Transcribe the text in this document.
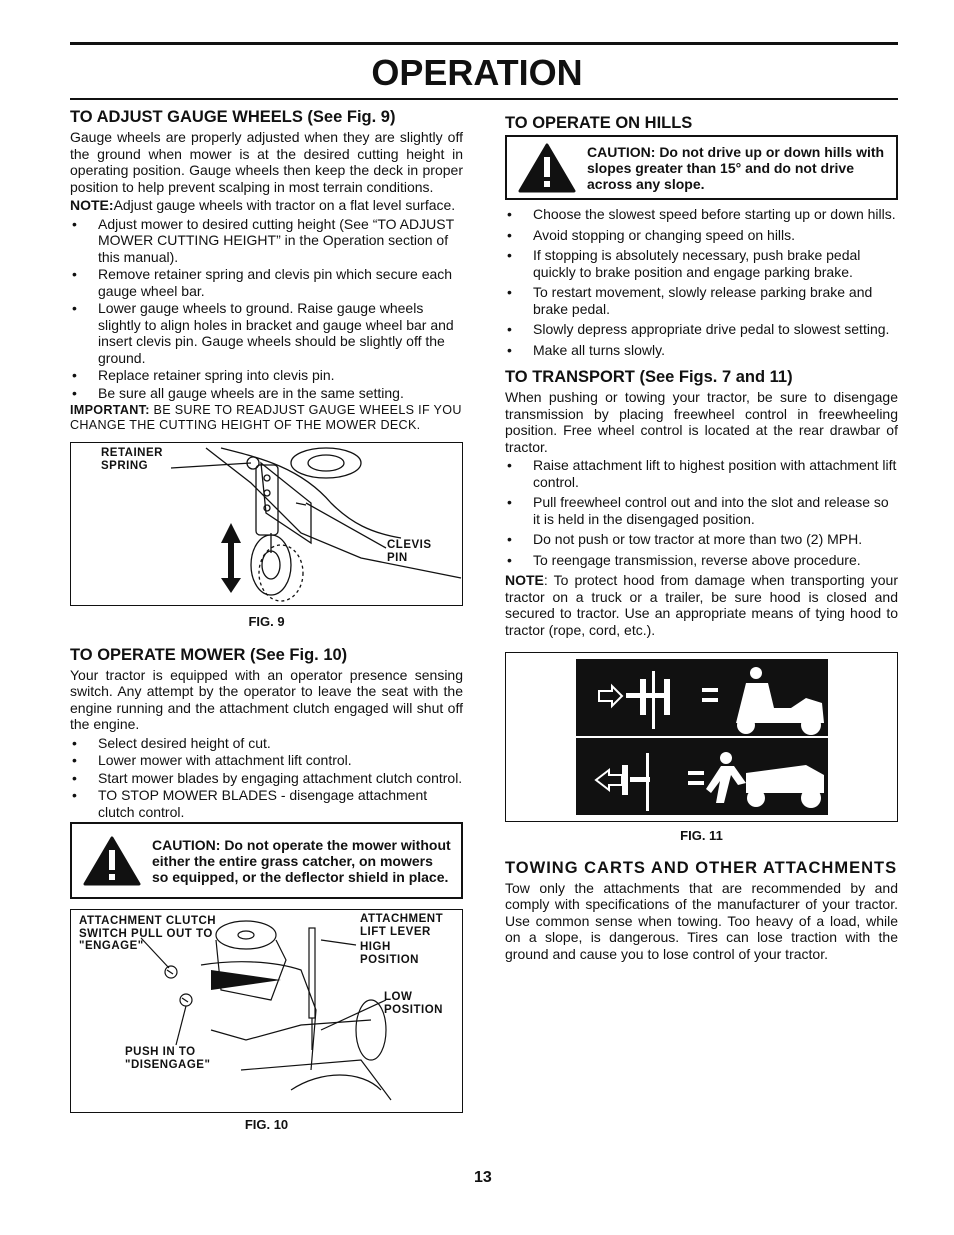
OPERATION
TO ADJUST GAUGE WHEELS (See Fig. 9)

Gauge wheels are properly adjusted when they are slightly off the ground when mower is at the desired cutting height in operating position. Gauge wheels then keep the deck in proper position to help prevent scalping in most terrain conditions.

NOTE:Adjust gauge wheels with tractor on a flat level surface.

• Adjust mower to desired cutting height (See “TO ADJUST MOWER CUTTING HEIGHT” in the Operation section of this manual).
• Remove retainer spring and clevis pin which secure each gauge wheel bar.
• Lower gauge wheels to ground. Raise gauge wheels slightly to align holes in bracket and gauge wheel bar and insert clevis pin. Gauge wheels should be slightly off the ground.
• Replace retainer spring into clevis pin.
• Be sure all gauge wheels are in the same setting.

IMPORTANT: BE SURE TO READJUST GAUGE WHEELS IF YOU CHANGE THE CUTTING HEIGHT OF THE MOWER DECK.

RETAINER SPRING
CLEVIS PIN
FIG. 9
TO OPERATE MOWER (See Fig. 10)

Your tractor is equipped with an operator presence sensing switch. Any attempt by the operator to leave the seat with the engine running and the attachment clutch engaged will shut off the engine.

• Select desired height of cut.
• Lower mower with attachment lift control.
• Start mower blades by engaging attachment clutch control.
• TO STOP MOWER BLADES - disengage attachment clutch control.
CAUTION: Do not operate the mower without either the entire grass catcher, on mowers so equipped, or the deflector shield in place.
ATTACHMENT CLUTCH SWITCH PULL OUT TO "ENGAGE"
ATTACHMENT LIFT LEVER
HIGH POSITION
LOW POSITION
PUSH IN TO "DISENGAGE"
FIG. 10
TO OPERATE ON HILLS
CAUTION: Do not drive up or down hills with slopes greater than 15° and do not drive across any slope.
• Choose the slowest speed before starting up or down hills.
• Avoid stopping or changing speed on hills.
• If stopping is absolutely necessary, push brake pedal quickly to brake position and engage parking brake.
• To restart movement, slowly release parking brake and brake pedal.
• Slowly depress appropriate drive pedal to slowest setting.
• Make all turns slowly.
TO TRANSPORT (See Figs. 7 and 11)

When pushing or towing your tractor, be sure to disengage transmission by placing freewheel control in freewheeling position. Free wheel control is located at the rear drawbar of tractor.

• Raise attachment lift to highest position with attachment lift control.
• Pull freewheel control out and into the slot and release so it is held in the disengaged position.
• Do not push or tow tractor at more than two (2) MPH.
• To reengage transmission, reverse above procedure.

NOTE: To protect hood from damage when transporting your tractor on a truck or a trailer, be sure hood is closed and secured to tractor. Use an appropriate means of tying hood to tractor (rope, cord, etc.).

FIG. 11
TOWING CARTS AND OTHER ATTACHMENTS

Tow only the attachments that are recommended by and comply with specifications of the manufacturer of your tractor. Use common sense when towing. Too heavy of a load, while on a slope, is dangerous. Tires can lose traction with the ground and cause you to lose control of your tractor.

13
